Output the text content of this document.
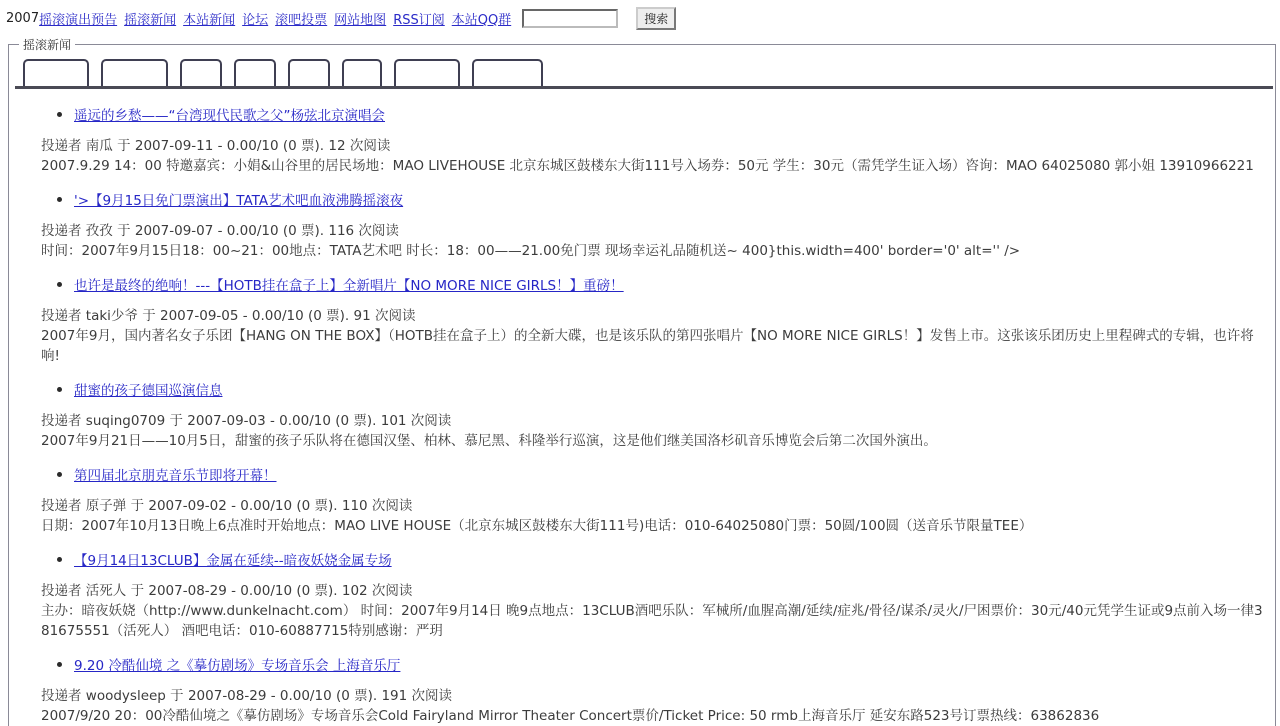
2007 摇滚演出预告 摇滚新闻 本站新闻 论坛 滚吧投票 网站地图 RSS订阅 本站QQ群	搜索
摇滚新闻
遥远的乡愁——“台湾现代民歌之父”杨弦北京演唱会
投递者 南瓜 于 2007-09-11 - 0.00/10 (0 票). 12 次阅读
2007.9.29 14：00 特邀嘉宾：小娟&山谷里的居民场地：MAO LIVEHOUSE 北京东城区鼓楼东大街111号入场券：50元 学生：30元（需凭学生证入场）咨询：MAO 64025080 郭小姐 13910966221
'>【9月15日免门票演出】TATA艺术吧血液沸腾摇滚夜
投递者 孜孜 于 2007-09-07 - 0.00/10 (0 票). 116 次阅读
时间：2007年9月15日18：00~21：00地点：TATA艺术吧 时长：18：00——21.00免门票 现场幸运礼品随机送~ 400}this.width=400' border='0' alt='' />
也许是最终的绝响！---【HOTB挂在盒子上】全新唱片【NO MORE NICE GIRLS！】重磅！
投递者 taki少爷 于 2007-09-05 - 0.00/10 (0 票). 91 次阅读
2007年9月，国内著名女子乐团【HANG ON THE BOX】（HOTB挂在盒子上）的全新大碟，也是该乐队的第四张唱片【NO MORE NICE GIRLS！】发售上市。这张该乐团历史上里程碑式的专辑，也许将
响!
甜蜜的孩子德国巡演信息
投递者 suqing0709 于 2007-09-03 - 0.00/10 (0 票). 101 次阅读
2007年9月21日——10月5日，甜蜜的孩子乐队将在德国汉堡、柏林、慕尼黑、科隆举行巡演，这是他们继美国洛杉矶音乐博览会后第二次国外演出。
第四届北京朋克音乐节即将开幕！
投递者 原子弹 于 2007-09-02 - 0.00/10 (0 票). 110 次阅读
日期：2007年10月13日晚上6点准时开始地点：MAO LIVE HOUSE（北京东城区鼓楼东大街111号)电话：010-64025080门票：50圆/100圆（送音乐节限量TEE）
【9月14日13CLUB】金属在延续--暗夜妖娆金属专场
投递者 活死人 于 2007-08-29 - 0.00/10 (0 票). 102 次阅读
主办：暗夜妖娆（http://www.dunkelnacht.com） 时间：2007年9月14日 晚9点地点：13CLUB酒吧乐队：军械所/血腥高潮/延续/症兆/骨径/谋杀/灵火/尸困票价：30元/40元凭学生证或9点前入场一律3
81675551（活死人） 酒吧电话：010-60887715特别感谢：严玥
9.20 冷酷仙境 之《摹仿剧场》专场音乐会 上海音乐厅
投递者 woodysleep 于 2007-08-29 - 0.00/10 (0 票). 191 次阅读
2007/9/20 20：00冷酷仙境之《摹仿剧场》专场音乐会Cold Fairyland Mirror Theater Concert票价/Ticket Price: 50 rmb上海音乐厅 延安东路523号订票热线：63862836
